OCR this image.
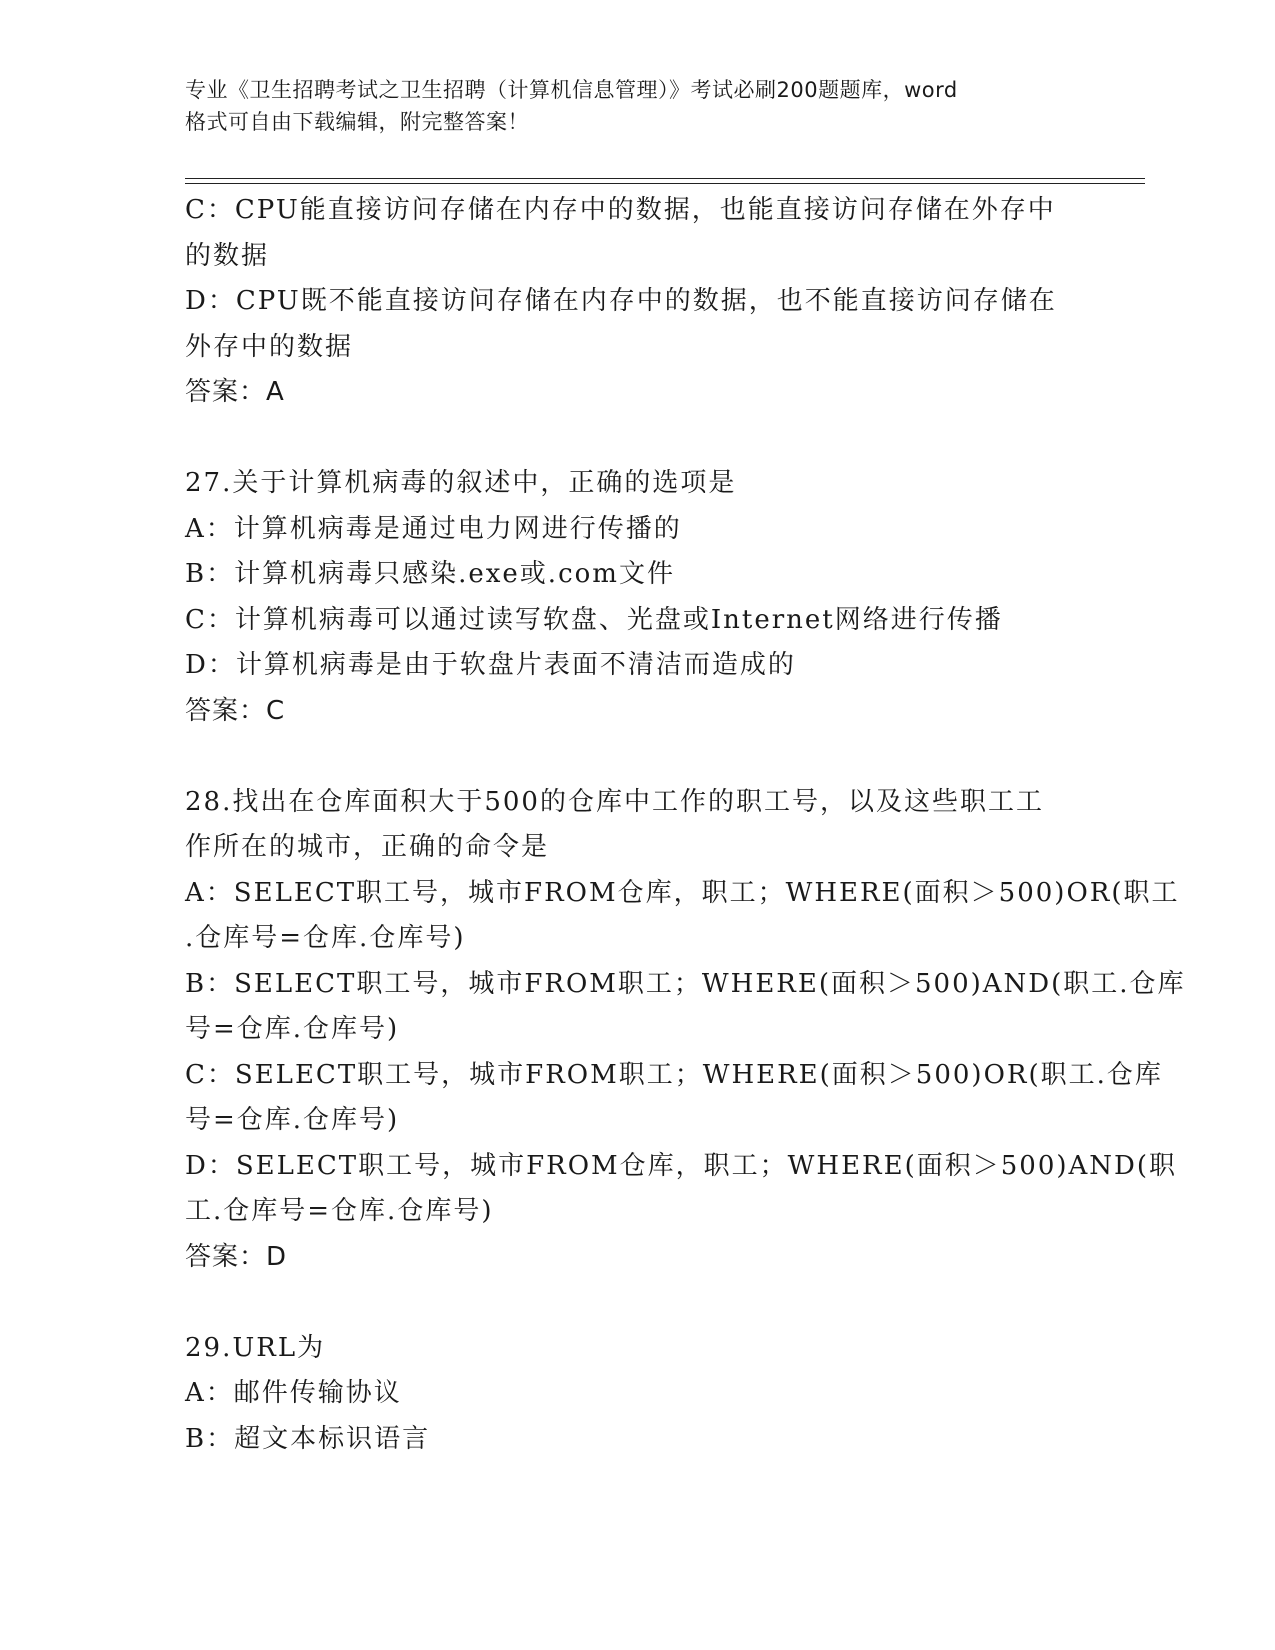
专业《卫生招聘考试之卫生招聘（计算机信息管理）》考试必刷200题题库，word
格式可自由下载编辑，附完整答案！
C：CPU能直接访问存储在内存中的数据，也能直接访问存储在外存中
的数据
D：CPU既不能直接访问存储在内存中的数据，也不能直接访问存储在
外存中的数据
答案：A
27.关于计算机病毒的叙述中，正确的选项是
A：计算机病毒是通过电力网进行传播的
B：计算机病毒只感染.exe或.com文件
C：计算机病毒可以通过读写软盘、光盘或Internet网络进行传播
D：计算机病毒是由于软盘片表面不清洁而造成的
答案：C
28.找出在仓库面积大于500的仓库中工作的职工号，以及这些职工工
作所在的城市，正确的命令是
A：SELECT职工号，城市FROM仓库，职工；WHERE(面积＞500)OR(职工
.仓库号=仓库.仓库号)
B：SELECT职工号，城市FROM职工；WHERE(面积＞500)AND(职工.仓库
号=仓库.仓库号)
C：SELECT职工号，城市FROM职工；WHERE(面积＞500)OR(职工.仓库
号=仓库.仓库号)
D：SELECT职工号，城市FROM仓库，职工；WHERE(面积＞500)AND(职
工.仓库号=仓库.仓库号)
答案：D
29.URL为
A：邮件传输协议
B：超文本标识语言
